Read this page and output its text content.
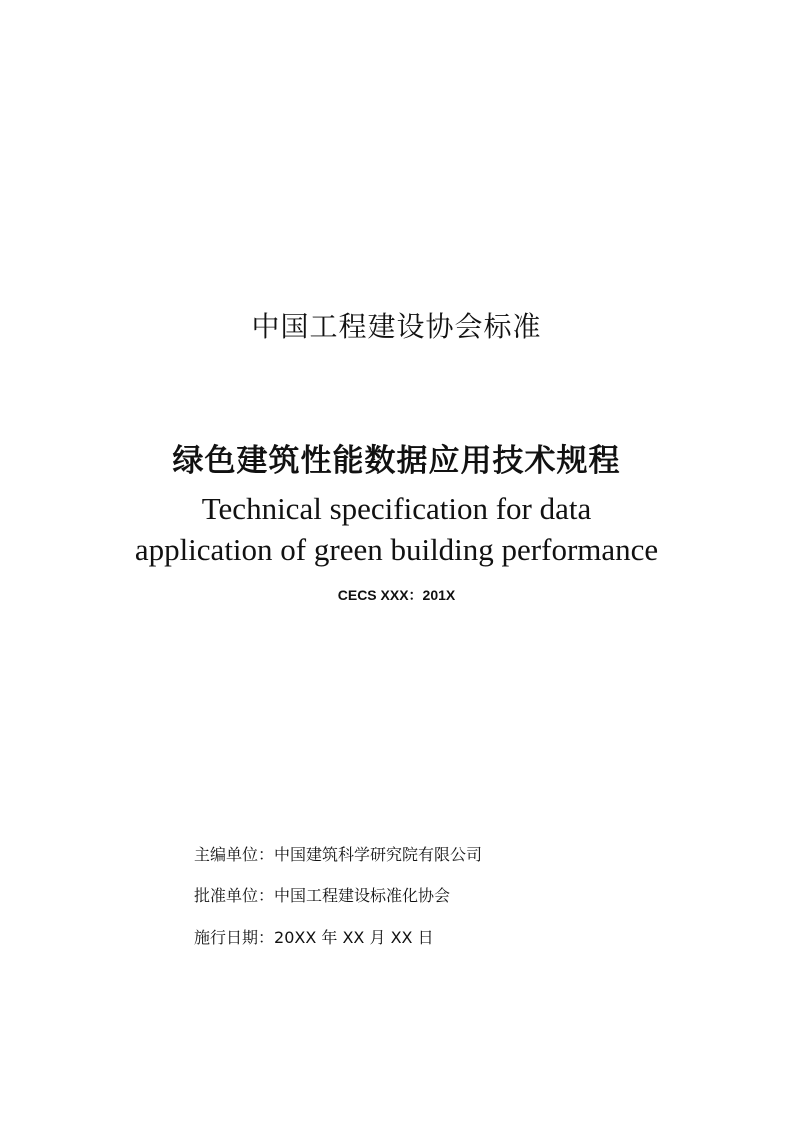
中国工程建设协会标准
绿色建筑性能数据应用技术规程
Technical specification for data
application of green building performance
CECS XXX：201X
主编单位：中国建筑科学研究院有限公司
批准单位：中国工程建设标准化协会
施行日期：20XX 年 XX 月 XX 日
